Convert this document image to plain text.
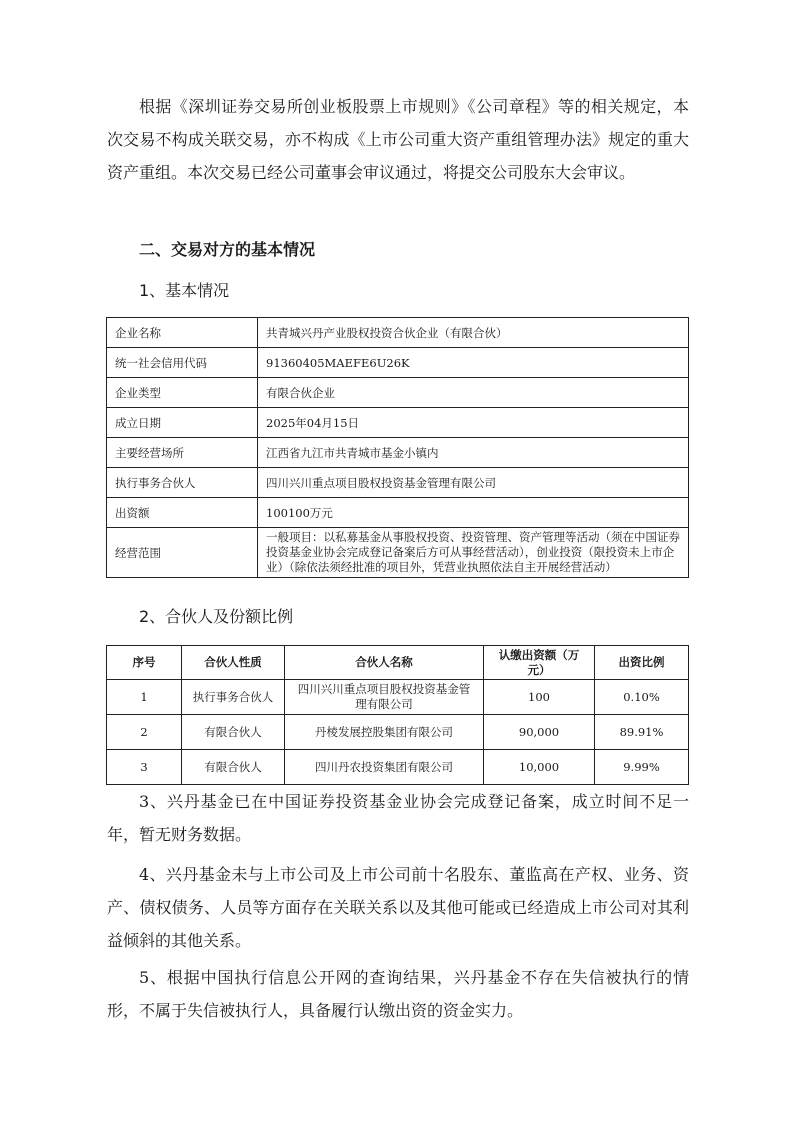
根据《深圳证券交易所创业板股票上市规则》《公司章程》等的相关规定，本次交易不构成关联交易，亦不构成《上市公司重大资产重组管理办法》规定的重大资产重组。本次交易已经公司董事会审议通过，将提交公司股东大会审议。

二、交易对方的基本情况

1、基本情况

企业名称	共青城兴丹产业股权投资合伙企业（有限合伙）
统一社会信用代码	91360405MAEFE6U26K
企业类型	有限合伙企业
成立日期	2025年04月15日
主要经营场所	江西省九江市共青城市基金小镇内
执行事务合伙人	四川兴川重点项目股权投资基金管理有限公司
出资额	100100万元
经营范围	一般项目：以私募基金从事股权投资、投资管理、资产管理等活动（须在中国证券投资基金业协会完成登记备案后方可从事经营活动），创业投资（限投资未上市企业）（除依法须经批准的项目外，凭营业执照依法自主开展经营活动）

2、合伙人及份额比例

序号	合伙人性质	合伙人名称	认缴出资额（万元）	出资比例
1	执行事务合伙人	四川兴川重点项目股权投资基金管理有限公司	100	0.10%
2	有限合伙人	丹棱发展控股集团有限公司	90,000	89.91%
3	有限合伙人	四川丹农投资集团有限公司	10,000	9.99%

3、兴丹基金已在中国证券投资基金业协会完成登记备案，成立时间不足一年，暂无财务数据。

4、兴丹基金未与上市公司及上市公司前十名股东、董监高在产权、业务、资产、债权债务、人员等方面存在关联关系以及其他可能或已经造成上市公司对其利益倾斜的其他关系。

5、根据中国执行信息公开网的查询结果，兴丹基金不存在失信被执行的情形，不属于失信被执行人，具备履行认缴出资的资金实力。
